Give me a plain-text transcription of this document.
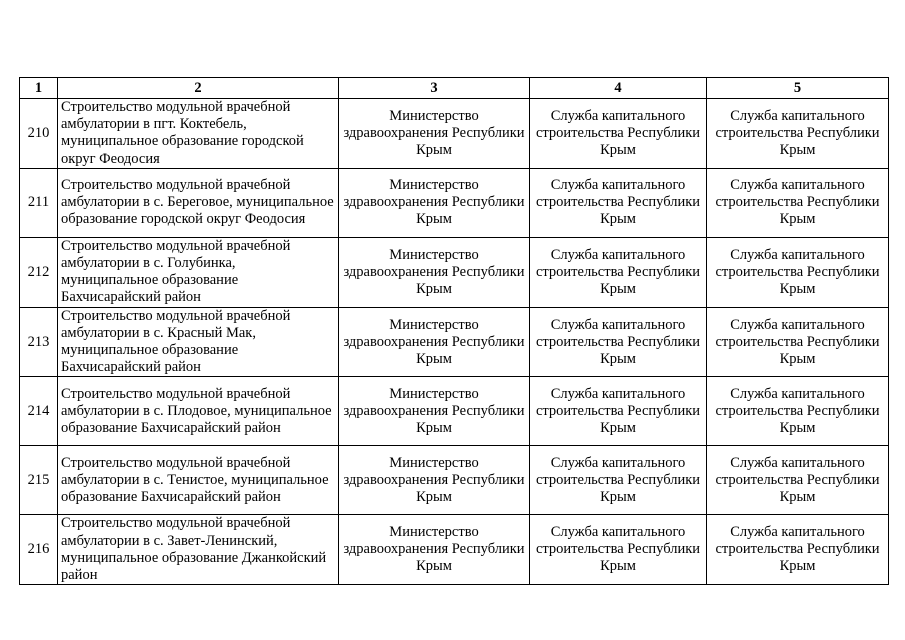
1	2	3	4	5
210	Строительство модульной врачебной амбулатории в пгт. Коктебель, муниципальное образование городской округ Феодосия	Министерство здравоохранения Республики Крым	Служба капитального строительства Республики Крым	Служба капитального строительства Республики Крым
211	Строительство модульной врачебной амбулатории в с. Береговое, муниципальное образование городской округ Феодосия	Министерство здравоохранения Республики Крым	Служба капитального строительства Республики Крым	Служба капитального строительства Республики Крым
212	Строительство модульной врачебной амбулатории в с. Голубинка, муниципальное образование Бахчисарайский район	Министерство здравоохранения Республики Крым	Служба капитального строительства Республики Крым	Служба капитального строительства Республики Крым
213	Строительство модульной врачебной амбулатории в с. Красный Мак, муниципальное образование Бахчисарайский район	Министерство здравоохранения Республики Крым	Служба капитального строительства Республики Крым	Служба капитального строительства Республики Крым
214	Строительство модульной врачебной амбулатории в с. Плодовое, муниципальное образование Бахчисарайский район	Министерство здравоохранения Республики Крым	Служба капитального строительства Республики Крым	Служба капитального строительства Республики Крым
215	Строительство модульной врачебной амбулатории в с. Тенистое, муниципальное образование Бахчисарайский район	Министерство здравоохранения Республики Крым	Служба капитального строительства Республики Крым	Служба капитального строительства Республики Крым
216	Строительство модульной врачебной амбулатории в с. Завет-Ленинский, муниципальное образование Джанкойский район	Министерство здравоохранения Республики Крым	Служба капитального строительства Республики Крым	Служба капитального строительства Республики Крым
